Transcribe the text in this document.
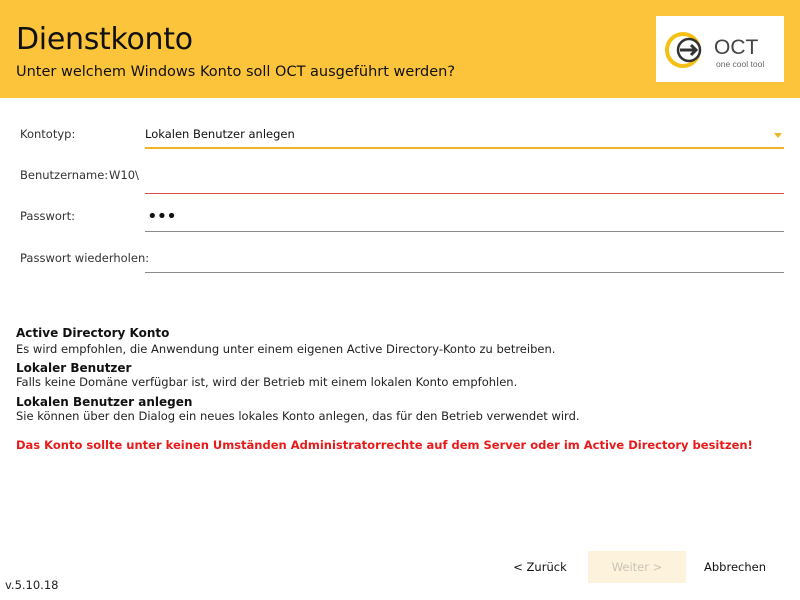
Dienstkonto
Unter welchem Windows Konto soll OCT ausgeführt werden?
OCT
one cool tool
Kontotyp:	Lokalen Benutzer anlegen
Benutzername: W10\
Passwort:	•••
Passwort wiederholen:
Active Directory Konto
Es wird empfohlen, die Anwendung unter einem eigenen Active Directory-Konto zu betreiben.
Lokaler Benutzer
Falls keine Domäne verfügbar ist, wird der Betrieb mit einem lokalen Konto empfohlen.
Lokalen Benutzer anlegen
Sie können über den Dialog ein neues lokales Konto anlegen, das für den Betrieb verwendet wird.
Das Konto sollte unter keinen Umständen Administratorrechte auf dem Server oder im Active Directory besitzen!
< Zurück	Weiter >	Abbrechen
v.5.10.18
